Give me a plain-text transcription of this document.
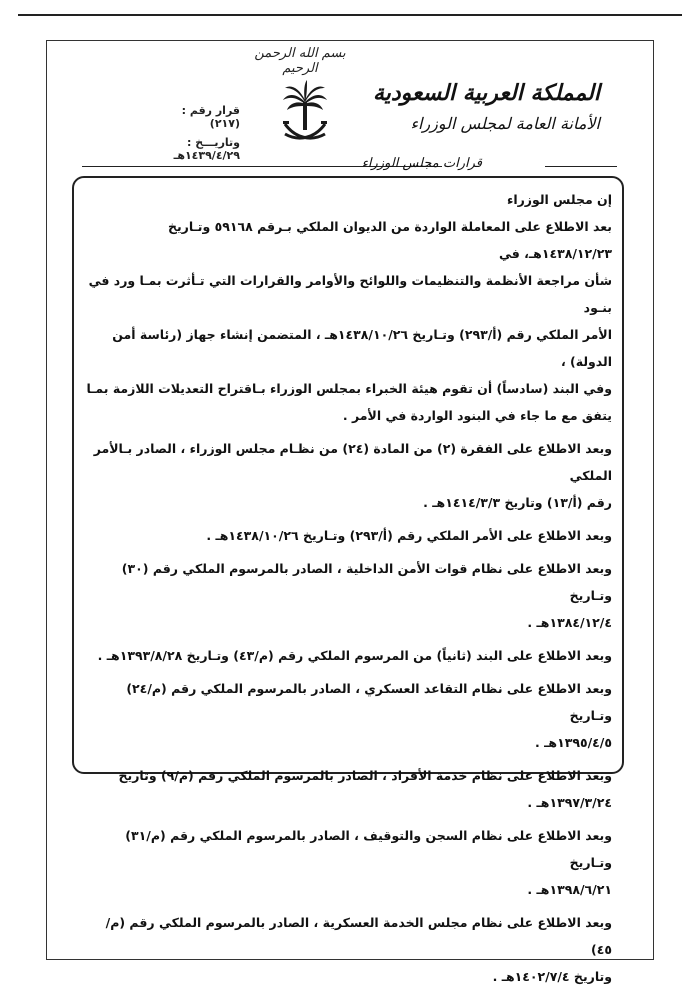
بسم الله الرحمن الرحيم
المملكة العربية السعودية
الأمانة العامة لمجلس الوزراء
قرارات مجلس الوزراء
قرار رقم : (٢١٧)
وتاريـــخ : ١٤٣٩/٤/٢٩هـ

إن مجلس الوزراء

بعد الاطلاع على المعاملة الواردة من الديوان الملكي بـرقم ٥٩١٦٨ وتـاريخ ١٤٣٨/١٢/٢٣هـ، في

شأن مراجعة الأنظمة والتنظيمات واللوائح والأوامر والقرارات التي تـأثرت بمـا ورد في بنـود

الأمر الملكي رقم (أ/٢٩٣) وتـاريخ ١٤٣٨/١٠/٢٦هـ ، المتضمن إنشاء جهاز (رئاسة أمن الدولة) ،

وفي البند (سادساً) أن تقوم هيئة الخبراء بمجلس الوزراء بـاقتراح التعديلات اللازمة بمـا

يتفق مع ما جاء في البنود الواردة في الأمر .

وبعد الاطلاع على الفقرة (٢) من المادة (٢٤) من نظـام مجلس الوزراء ، الصادر بـالأمر الملكي

رقم (أ/١٣) وتاريخ ١٤١٤/٣/٣هـ .

وبعد الاطلاع على الأمر الملكي رقم (أ/٢٩٣) وتـاريخ ١٤٣٨/١٠/٢٦هـ .

وبعد الاطلاع على نظام قوات الأمن الداخلية ، الصادر بالمرسوم الملكي رقم (٣٠) وتـاريخ

١٣٨٤/١٢/٤هـ .

وبعد الاطلاع على البند (ثانياً) من المرسوم الملكي رقم (م/٤٣) وتـاريخ ١٣٩٣/٨/٢٨هـ .

وبعد الاطلاع على نظام التقاعد العسكري ، الصادر بالمرسوم الملكي رقم (م/٢٤) وتـاريخ

١٣٩٥/٤/٥هـ .

وبعد الاطلاع على نظام خدمة الأفراد ، الصادر بالمرسوم الملكي رقم (م/٩) وتاريخ ١٣٩٧/٣/٢٤هـ .

وبعد الاطلاع على نظام السجن والتوقيف ، الصادر بالمرسوم الملكي رقم (م/٣١) وتـاريخ

١٣٩٨/٦/٢١هـ .

وبعد الاطلاع على نظام مجلس الخدمة العسكرية ، الصادر بالمرسوم الملكي رقم (م/٤٥)

وتاريخ ١٤٠٢/٧/٤هـ .
